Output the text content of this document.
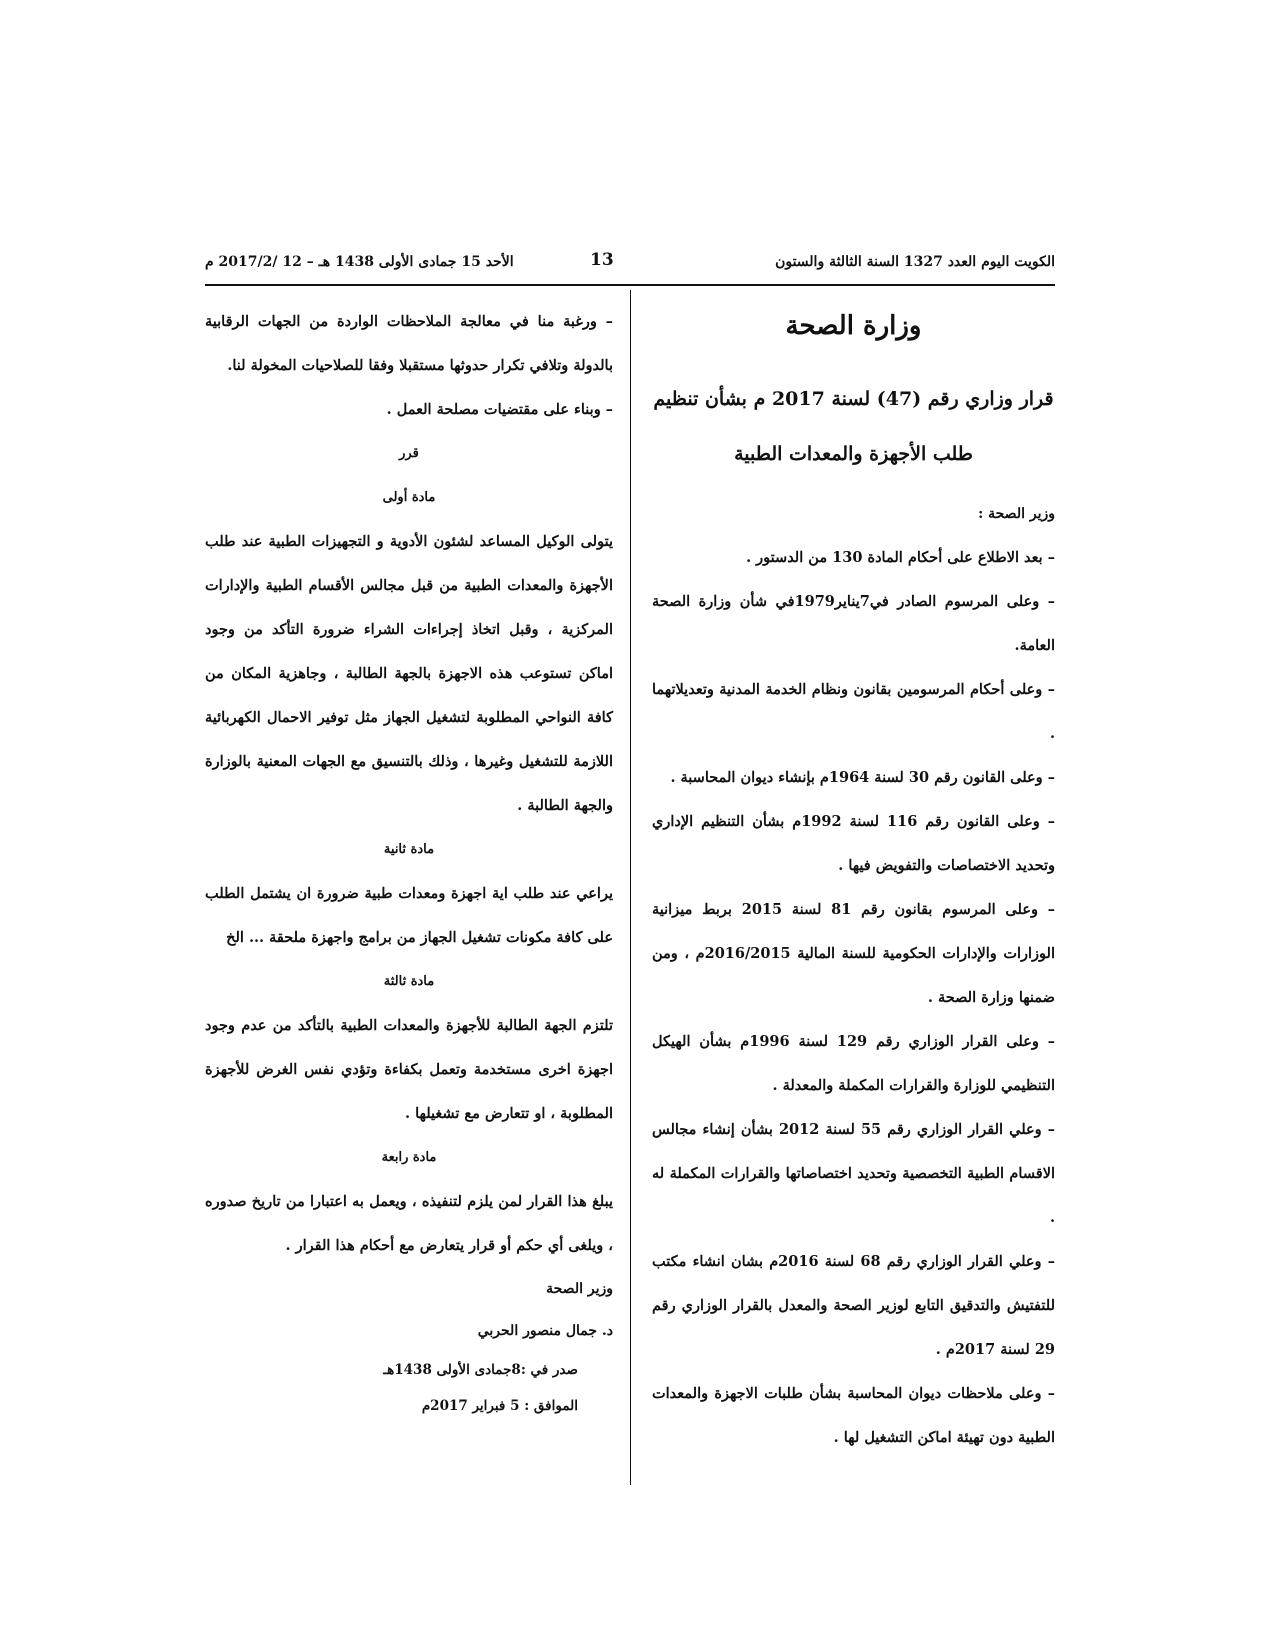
الأحد 15 جمادى الأولى 1438 هـ – 12 /2017/2 م	13	الكويت اليوم العدد 1327 السنة الثالثة والستون

وزارة الصحة

قرار وزاري رقم (47) لسنة 2017 م بشأن تنظيم

طلب الأجهزة والمعدات الطبية

وزير الصحة :

– بعد الاطلاع على أحكام المادة 130 من الدستور .

– وعلى المرسوم الصادر في7يناير1979في شأن وزارة الصحة العامة.

– وعلى أحكام المرسومين بقانون ونظام الخدمة المدنية وتعديلاتهما .

– وعلى القانون رقم 30 لسنة 1964م بإنشاء ديوان المحاسبة .

– وعلى القانون رقم 116 لسنة 1992م بشأن التنظيم الإداري وتحديد الاختصاصات والتفويض فيها .

– وعلى المرسوم بقانون رقم 81 لسنة 2015 بربط ميزانية الوزارات والإدارات الحكومية للسنة المالية 2016/2015م ، ومن ضمنها وزارة الصحة .

– وعلى القرار الوزاري رقم 129 لسنة 1996م بشأن الهيكل التنظيمي للوزارة والقرارات المكملة والمعدلة .

– وعلي القرار الوزاري رقم 55 لسنة 2012 بشأن إنشاء مجالس الاقسام الطبية التخصصية وتحديد اختصاصاتها والقرارات المكملة له .

– وعلي القرار الوزاري رقم 68 لسنة 2016م بشان انشاء مكتب للتفتيش والتدقيق التابع لوزير الصحة والمعدل بالقرار الوزاري رقم 29 لسنة 2017م .

– وعلى ملاحظات ديوان المحاسبة بشأن طلبات الاجهزة والمعدات الطبية دون تهيئة اماكن التشغيل لها .

– ورغبة منا في معالجة الملاحظات الواردة من الجهات الرقابية بالدولة وتلافي تكرار حدوثها مستقبلا وفقا للصلاحيات المخولة لنا.

– وبناء على مقتضيات مصلحة العمل .

قرر

مادة أولى

يتولى الوكيل المساعد لشئون الأدوية و التجهيزات الطبية عند طلب الأجهزة والمعدات الطبية من قبل مجالس الأقسام الطبية والإدارات المركزية ، وقبل اتخاذ إجراءات الشراء ضرورة التأكد من وجود اماكن تستوعب هذه الاجهزة بالجهة الطالبة ، وجاهزية المكان من كافة النواحي المطلوبة لتشغيل الجهاز مثل توفير الاحمال الكهربائية اللازمة للتشغيل وغيرها ، وذلك بالتنسيق مع الجهات المعنية بالوزارة والجهة الطالبة .

مادة ثانية

يراعي عند طلب اية اجهزة ومعدات طبية ضرورة ان يشتمل الطلب على كافة مكونات تشغيل الجهاز من برامج واجهزة ملحقة ... الخ

مادة ثالثة

تلتزم الجهة الطالبة للأجهزة والمعدات الطبية بالتأكد من عدم وجود اجهزة اخرى مستخدمة وتعمل بكفاءة وتؤدي نفس الغرض للأجهزة المطلوبة ، او تتعارض مع تشغيلها .

مادة رابعة

يبلغ هذا القرار لمن يلزم لتنفيذه ، ويعمل به اعتبارا من تاريخ صدوره ، ويلغى أي حكم أو قرار يتعارض مع أحكام هذا القرار .

وزير الصحة

د. جمال منصور الحربي

صدر في :8جمادى الأولى 1438هـ

الموافق : 5 فبراير 2017م
